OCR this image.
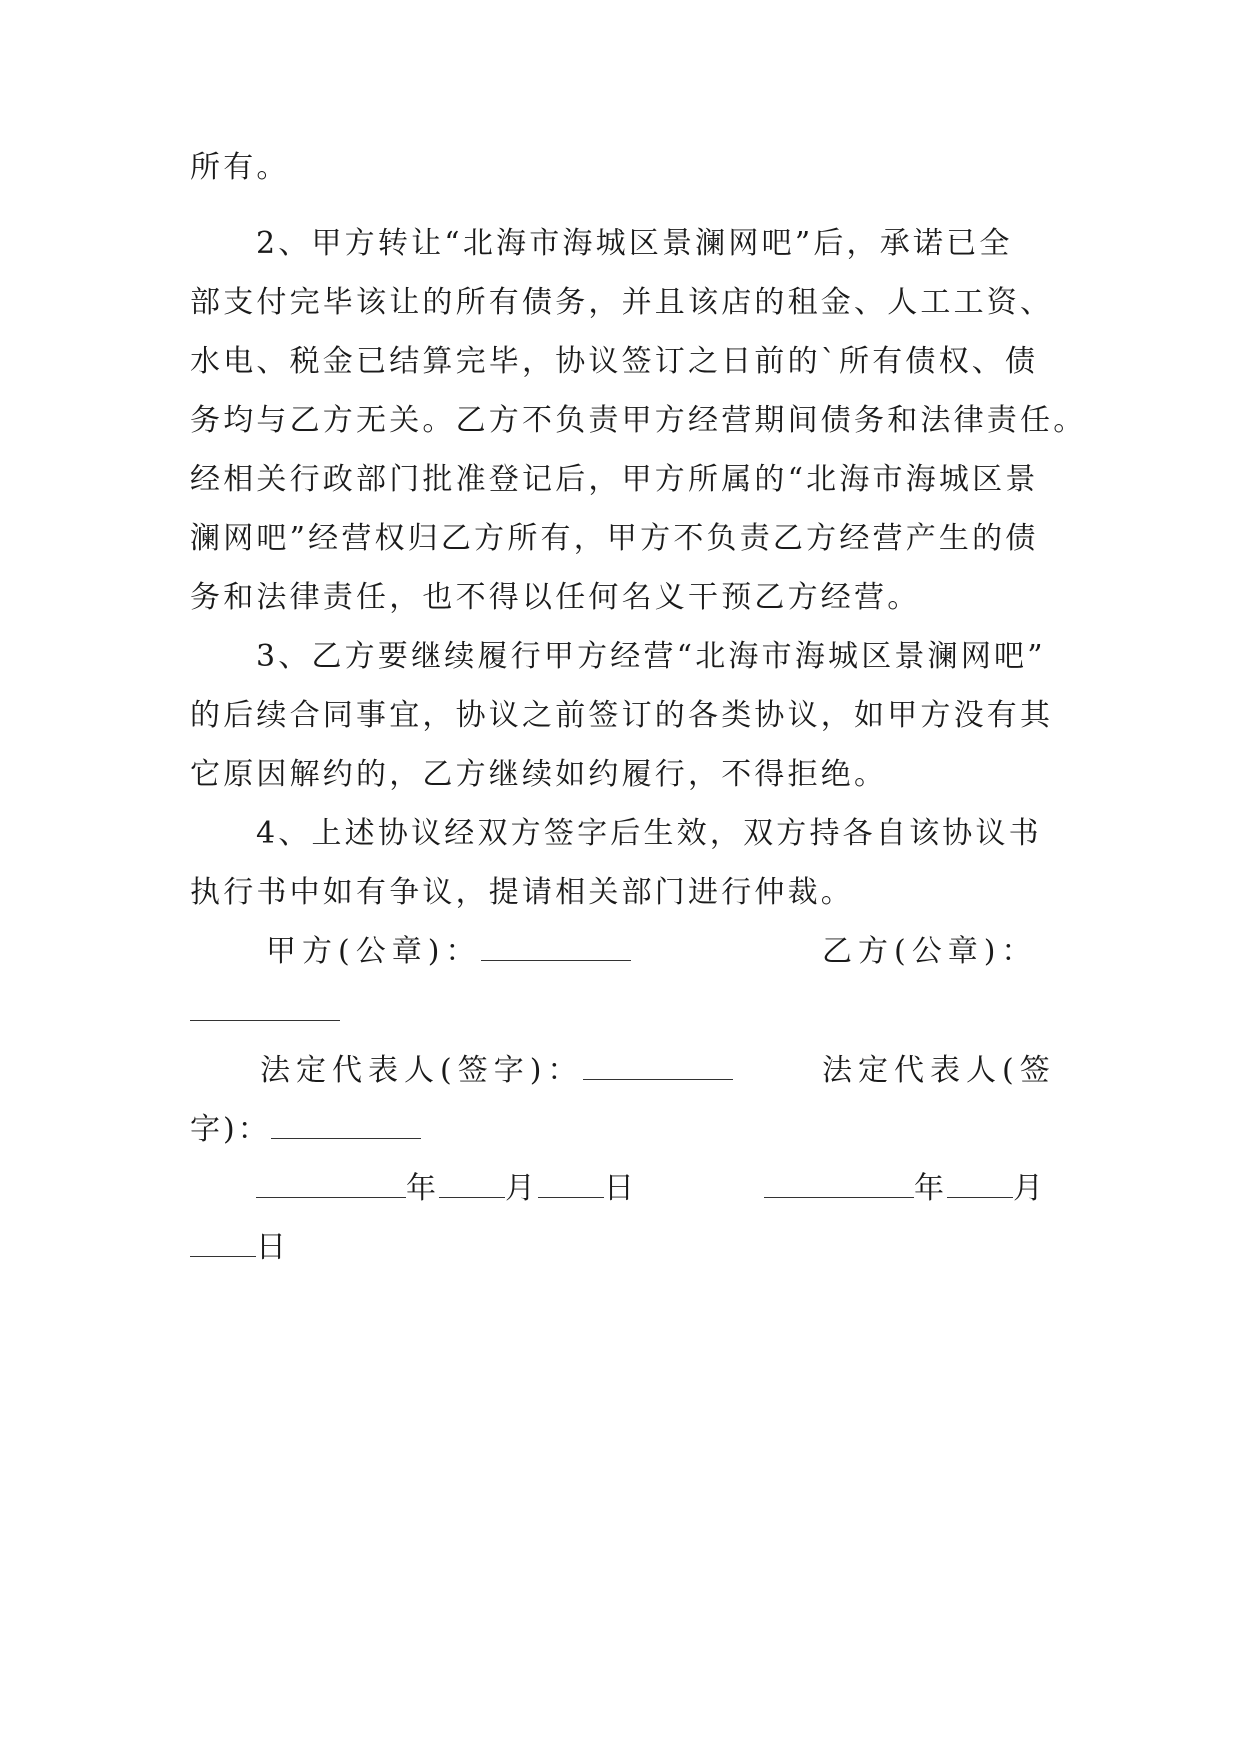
所有。
2、甲方转让“北海市海城区景澜网吧”后，承诺已全
部支付完毕该让的所有债务，并且该店的租金、人工工资、
水电、税金已结算完毕，协议签订之日前的`所有债权、债
务均与乙方无关。乙方不负责甲方经营期间债务和法律责任。
经相关行政部门批准登记后，甲方所属的“北海市海城区景
澜网吧”经营权归乙方所有，甲方不负责乙方经营产生的债
务和法律责任，也不得以任何名义干预乙方经营。
3、乙方要继续履行甲方经营“北海市海城区景澜网吧”
的后续合同事宜，协议之前签订的各类协议，如甲方没有其
它原因解约的，乙方继续如约履行，不得拒绝。
4、上述协议经双方签字后生效，双方持各自该协议书
执行书中如有争议，提请相关部门进行仲裁。
甲方(公章)：	乙方(公章)：
法定代表人(签字)：	法定代表人(签
字)：
年 月 日	年 月
日
